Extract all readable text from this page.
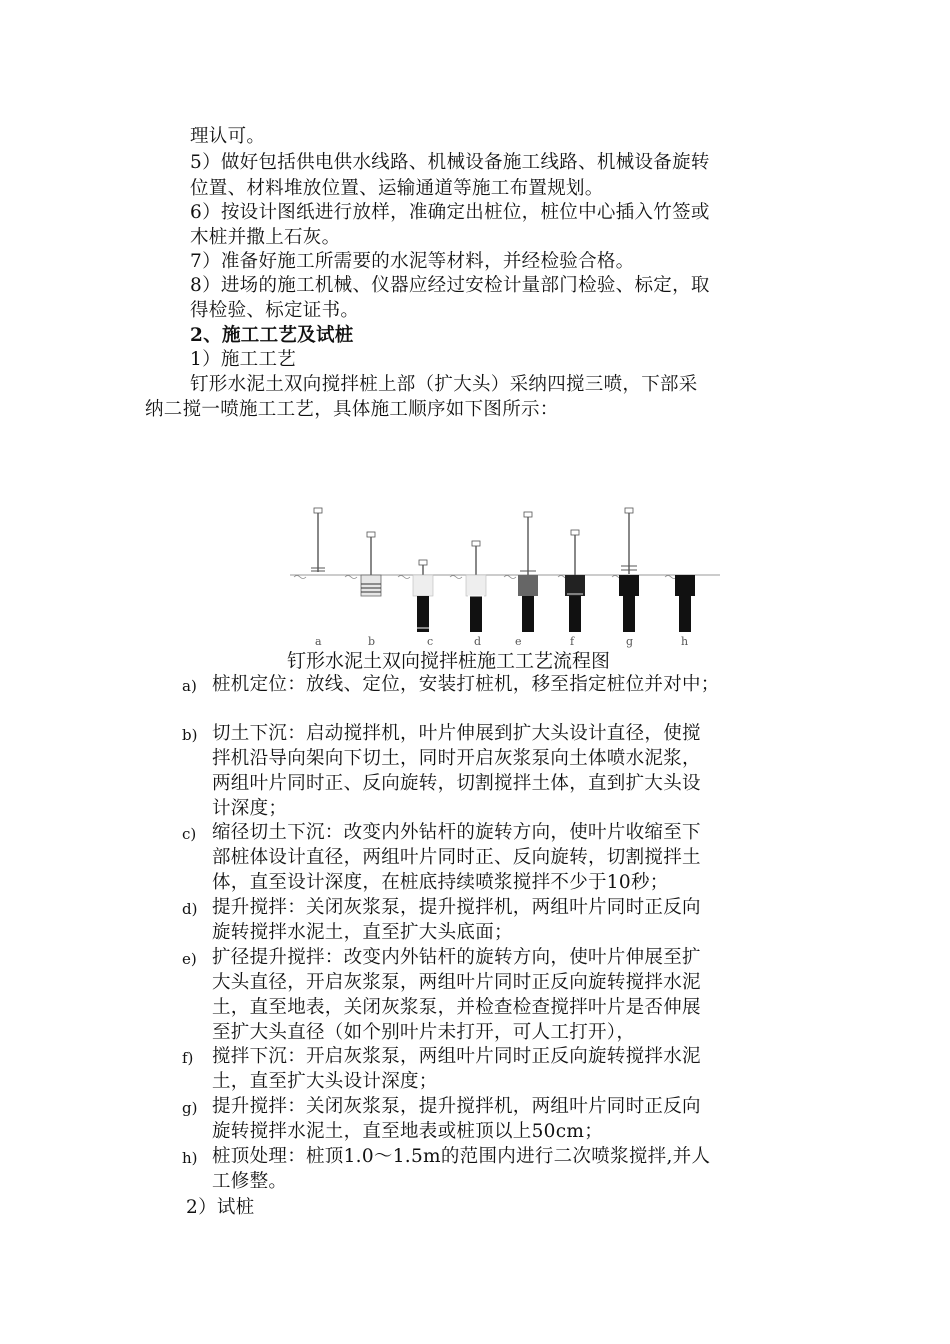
理认可。
5）做好包括供电供水线路、机械设备施工线路、机械设备旋转
位置、材料堆放位置、运输通道等施工布置规划。
6）按设计图纸进行放样，准确定出桩位，桩位中心插入竹签或
木桩并撒上石灰。
7）准备好施工所需要的水泥等材料，并经检验合格。
8）进场的施工机械、仪器应经过安检计量部门检验、标定，取
得检验、标定证书。
2、施工工艺及试桩
1）施工工艺
钉形水泥土双向搅拌桩上部（扩大头）采纳四搅三喷，下部采
纳二搅一喷施工工艺，具体施工顺序如下图所示：
a	b	c	d	e	f	g	h
钉形水泥土双向搅拌桩施工工艺流程图
a) 桩机定位：放线、定位，安装打桩机，移至指定桩位并对中；
b) 切土下沉：启动搅拌机，叶片伸展到扩大头设计直径，使搅
拌机沿导向架向下切土，同时开启灰浆泵向土体喷水泥浆，
两组叶片同时正、反向旋转，切割搅拌土体，直到扩大头设
计深度；
c) 缩径切土下沉：改变内外钻杆的旋转方向，使叶片收缩至下
部桩体设计直径，两组叶片同时正、反向旋转，切割搅拌土
体，直至设计深度，在桩底持续喷浆搅拌不少于10秒；
d) 提升搅拌：关闭灰浆泵，提升搅拌机，两组叶片同时正反向
旋转搅拌水泥土，直至扩大头底面；
e) 扩径提升搅拌：改变内外钻杆的旋转方向，使叶片伸展至扩
大头直径，开启灰浆泵，两组叶片同时正反向旋转搅拌水泥
土，直至地表，关闭灰浆泵，并检查检查搅拌叶片是否伸展
至扩大头直径（如个别叶片未打开，可人工打开），
f) 搅拌下沉：开启灰浆泵，两组叶片同时正反向旋转搅拌水泥
土，直至扩大头设计深度；
g) 提升搅拌：关闭灰浆泵，提升搅拌机，两组叶片同时正反向
旋转搅拌水泥土，直至地表或桩顶以上50cm；
h) 桩顶处理：桩顶1.0～1.5m的范围内进行二次喷浆搅拌,并人
工修整。
2）试桩
